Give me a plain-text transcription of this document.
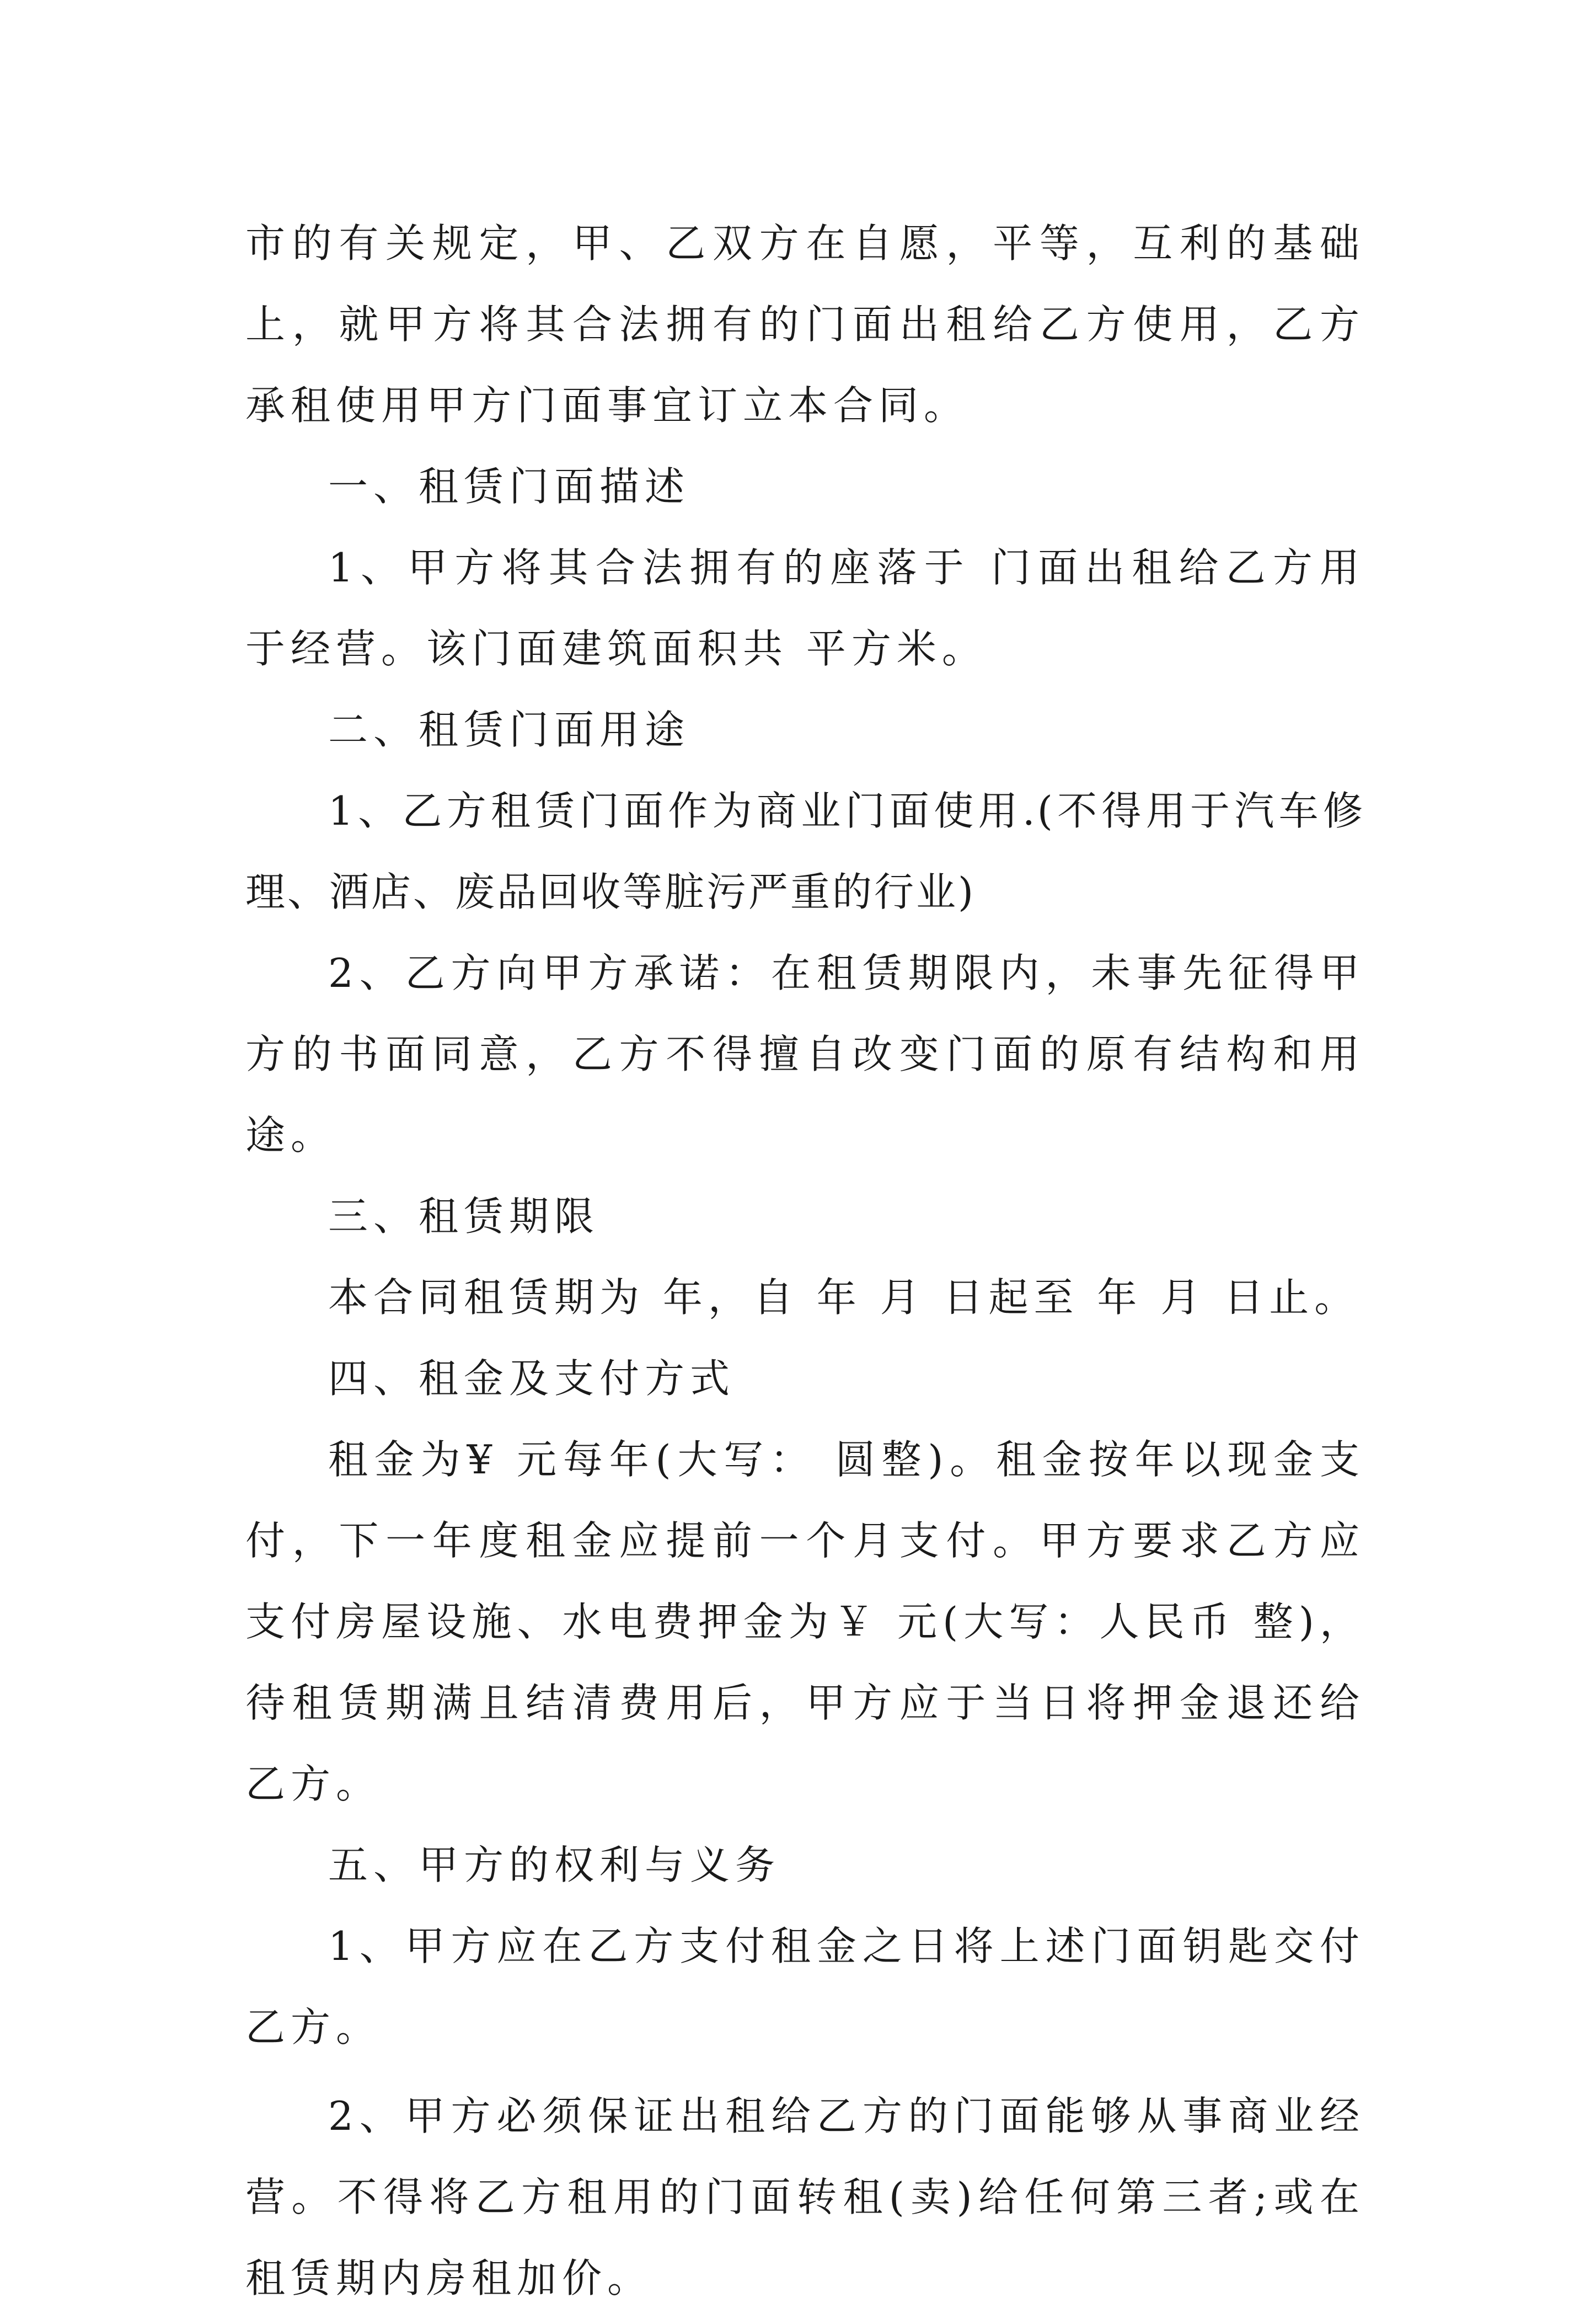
市的有关规定，甲、乙双方在自愿，平等，互利的基础上，就甲方将其合法拥有的门面出租给乙方使用，乙方承租使用甲方门面事宜订立本合同。

一、租赁门面描述

1、甲方将其合法拥有的座落于 门面出租给乙方用于经营。该门面建筑面积共 平方米。

二、租赁门面用途

1、乙方租赁门面作为商业门面使用.(不得用于汽车修理、酒店、废品回收等脏污严重的行业)

2、乙方向甲方承诺：在租赁期限内，未事先征得甲方的书面同意，乙方不得擅自改变门面的原有结构和用途。

三、租赁期限

本合同租赁期为 年，自 年 月 日起至 年 月 日止。

四、租金及支付方式

租金为¥ 元每年(大写： 圆整)。租金按年以现金支付，下一年度租金应提前一个月支付。甲方要求乙方应支付房屋设施、水电费押金为￥ 元(大写：人民币 整)，待租赁期满且结清费用后，甲方应于当日将押金退还给乙方。

五、甲方的权利与义务

1、甲方应在乙方支付租金之日将上述门面钥匙交付乙方。

2、甲方必须保证出租给乙方的门面能够从事商业经营。不得将乙方租用的门面转租(卖)给任何第三者;或在租赁期内房租加价。
